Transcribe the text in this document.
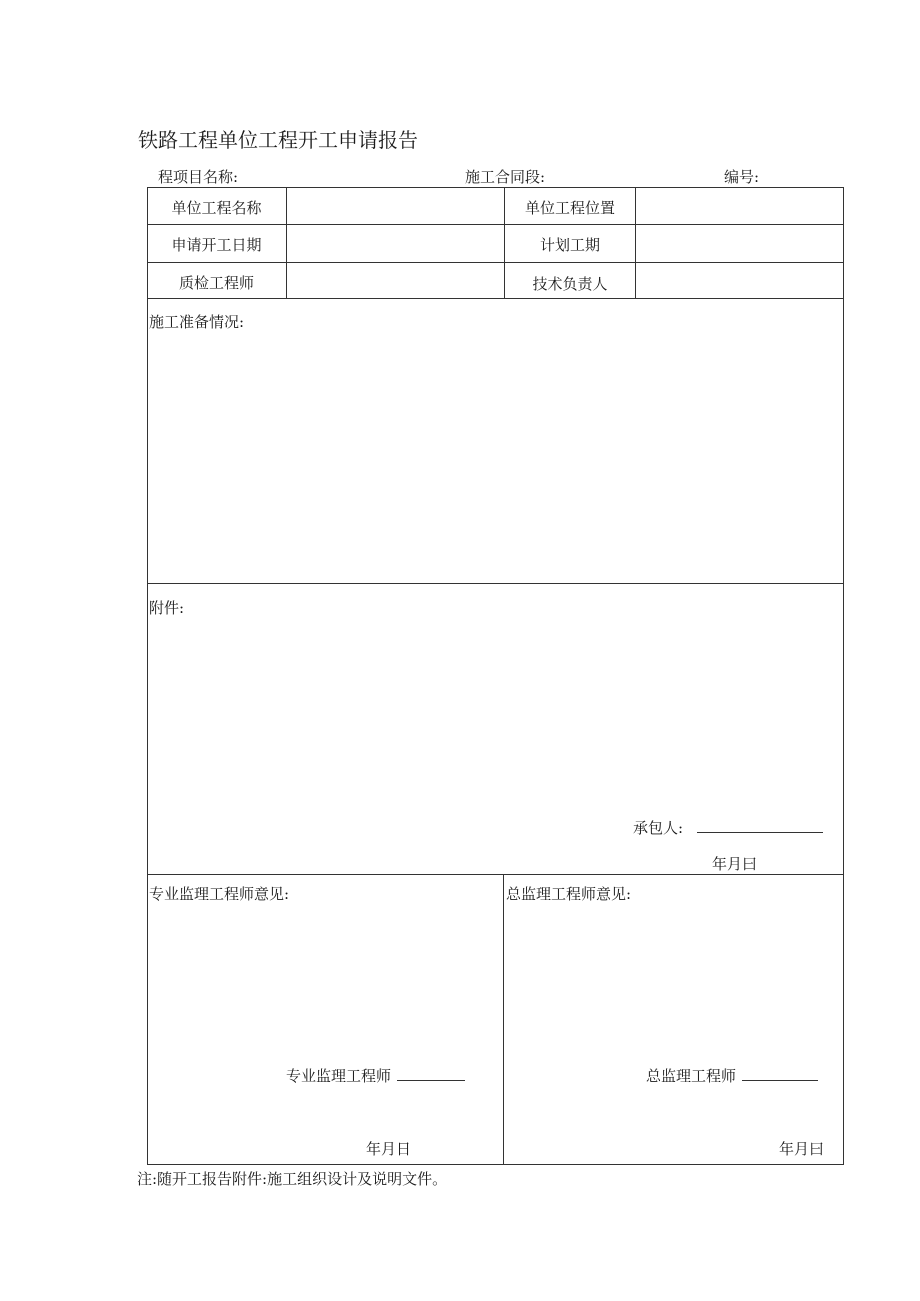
铁路工程单位工程开工申请报告
程项目名称:	施工合同段:	编号:
单位工程名称	单位工程位置
申请开工日期	计划工期
质检工程师	技术负责人
施工准备情况:
附件:
承包人:
年月曰
专业监理工程师意见:
专业监理工程师
年月日
总监理工程师意见:
总监理工程师
年月曰
注:随开工报告附件:施工组织设计及说明文件。
